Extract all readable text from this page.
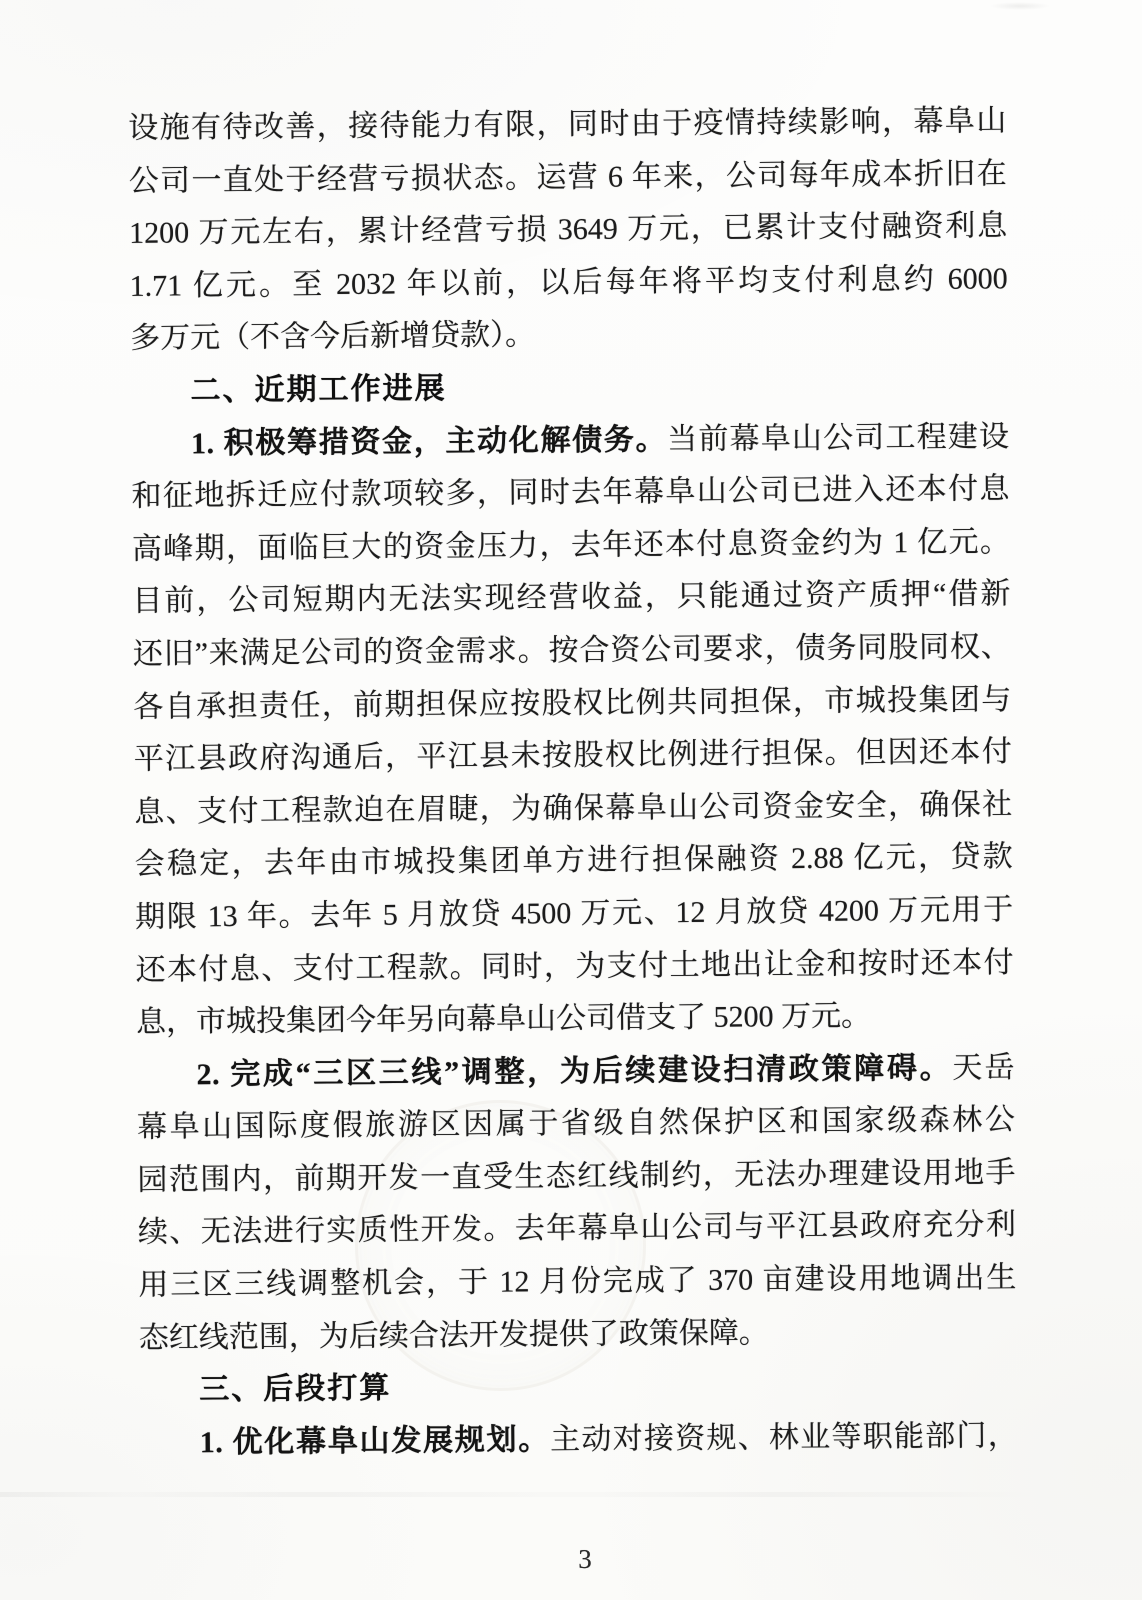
设施有待改善，接待能力有限，同时由于疫情持续影响，幕阜山
公司一直处于经营亏损状态。运营 6 年来，公司每年成本折旧在
1200 万元左右，累计经营亏损 3649 万元，已累计支付融资利息
1.71 亿元。至 2032 年以前，以后每年将平均支付利息约 6000
多万元（不含今后新增贷款）。
二、近期工作进展
1. 积极筹措资金，主动化解债务。当前幕阜山公司工程建设
和征地拆迁应付款项较多，同时去年幕阜山公司已进入还本付息
高峰期，面临巨大的资金压力，去年还本付息资金约为 1 亿元。
目前，公司短期内无法实现经营收益，只能通过资产质押“借新
还旧”来满足公司的资金需求。按合资公司要求，债务同股同权、
各自承担责任，前期担保应按股权比例共同担保，市城投集团与
平江县政府沟通后，平江县未按股权比例进行担保。但因还本付
息、支付工程款迫在眉睫，为确保幕阜山公司资金安全，确保社
会稳定，去年由市城投集团单方进行担保融资 2.88 亿元，贷款
期限 13 年。去年 5 月放贷 4500 万元、12 月放贷 4200 万元用于
还本付息、支付工程款。同时，为支付土地出让金和按时还本付
息，市城投集团今年另向幕阜山公司借支了 5200 万元。
2. 完成“三区三线”调整，为后续建设扫清政策障碍。天岳
幕阜山国际度假旅游区因属于省级自然保护区和国家级森林公
园范围内，前期开发一直受生态红线制约，无法办理建设用地手
续、无法进行实质性开发。去年幕阜山公司与平江县政府充分利
用三区三线调整机会，于 12 月份完成了 370 亩建设用地调出生
态红线范围，为后续合法开发提供了政策保障。
三、后段打算
1. 优化幕阜山发展规划。主动对接资规、林业等职能部门，
3
